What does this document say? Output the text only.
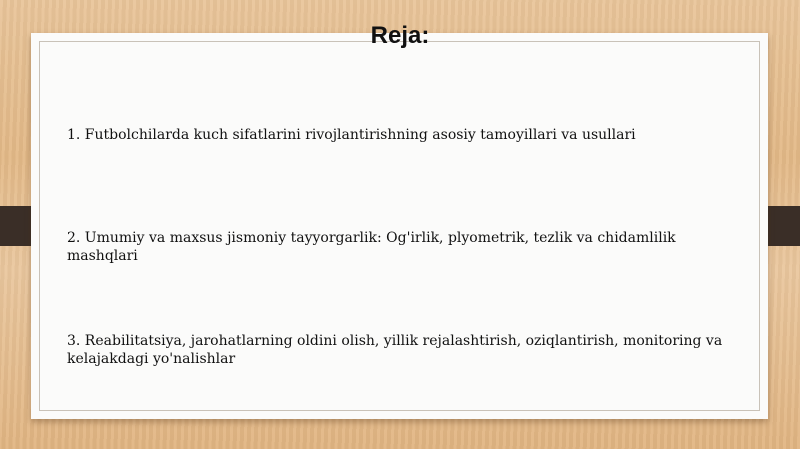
Reja:

1. Futbolchilarda kuch sifatlarini rivojlantirishning asosiy tamoyillari va usullari

2. Umumiy va maxsus jismoniy tayyorgarlik: Og'irlik, plyometrik, tezlik va chidamlilik mashqlari

3. Reabilitatsiya, jarohatlarning oldini olish, yillik rejalashtirish, oziqlantirish, monitoring va kelajakdagi yo'nalishlar
